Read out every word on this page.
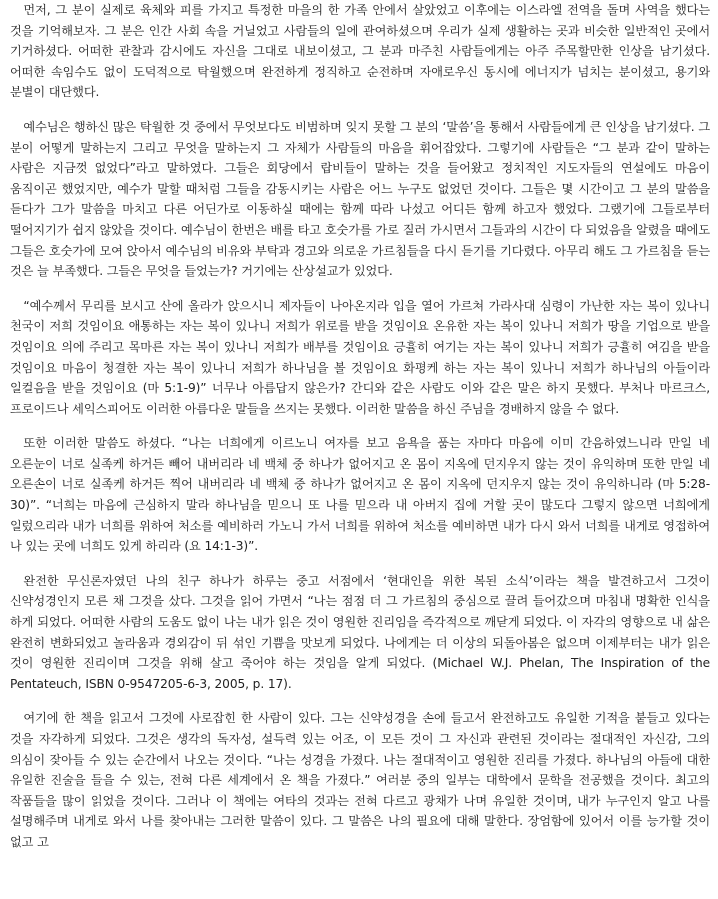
먼저, 그 분이 실제로 육체와 피를 가지고 특정한 마을의 한 가족 안에서 살았었고 이후에는 이스라엘 전역을 돌며 사역을 했다는 것을 기억해보자. 그 분은 인간 사회 속을 거닐었고 사람들의 일에 관여하셨으며 우리가 실제 생활하는 곳과 비슷한 일반적인 곳에서 기거하셨다. 어떠한 관찰과 감시에도 자신을 그대로 내보이셨고, 그 분과 마주친 사람들에게는 아주 주목할만한 인상을 남기셨다. 어떠한 속임수도 없이 도덕적으로 탁월했으며 완전하게 정직하고 순전하며 자애로우신 동시에 에너지가 넘치는 분이셨고, 용기와 분별이 대단했다.

예수님은 행하신 많은 탁월한 것 중에서 무엇보다도 비범하며 잊지 못할 그 분의 ‘말씀’을 통해서 사람들에게 큰 인상을 남기셨다. 그 분이 어떻게 말하는지 그리고 무엇을 말하는지 그 자체가 사람들의 마음을 휘어잡았다. 그렇기에 사람들은 “그 분과 같이 말하는 사람은 지금껏 없었다”라고 말하였다. 그들은 회당에서 랍비들이 말하는 것을 들어왔고 정치적인 지도자들의 연설에도 마음이 움직이곤 했었지만, 예수가 말할 때처럼 그들을 감동시키는 사람은 어느 누구도 없었던 것이다. 그들은 몇 시간이고 그 분의 말씀을 듣다가 그가 말씀을 마치고 다른 어딘가로 이동하실 때에는 함께 따라 나섰고 어디든 함께 하고자 했었다. 그랬기에 그들로부터 떨어지기가 쉽지 않았을 것이다. 예수님이 한번은 배를 타고 호숫가를 가로 질러 가시면서 그들과의 시간이 다 되었음을 알렸을 때에도 그들은 호숫가에 모여 앉아서 예수님의 비유와 부탁과 경고와 의로운 가르침들을 다시 듣기를 기다렸다. 아무리 해도 그 가르침을 듣는 것은 늘 부족했다. 그들은 무엇을 들었는가? 거기에는 산상설교가 있었다.

“예수께서 무리를 보시고 산에 올라가 앉으시니 제자들이 나아온지라 입을 열어 가르쳐 가라사대 심령이 가난한 자는 복이 있나니 천국이 저희 것임이요 애통하는 자는 복이 있나니 저희가 위로를 받을 것임이요 온유한 자는 복이 있나니 저희가 땅을 기업으로 받을 것임이요 의에 주리고 목마른 자는 복이 있나니 저희가 배부를 것임이요 긍휼히 여기는 자는 복이 있나니 저희가 긍휼히 여김을 받을 것임이요 마음이 청결한 자는 복이 있나니 저희가 하나님을 볼 것임이요 화평케 하는 자는 복이 있나니 저희가 하나님의 아들이라 일컬음을 받을 것임이요 (마 5:1-9)” 너무나 아름답지 않은가? 간디와 같은 사람도 이와 같은 말은 하지 못했다. 부처나 마르크스, 프로이드나 세익스피어도 이러한 아름다운 말들을 쓰지는 못했다. 이러한 말씀을 하신 주님을 경배하지 않을 수 없다.

또한 이러한 말씀도 하셨다. “나는 너희에게 이르노니 여자를 보고 음욕을 품는 자마다 마음에 이미 간음하였느니라 만일 네 오른눈이 너로 실족케 하거든 빼어 내버리라 네 백체 중 하나가 없어지고 온 몸이 지옥에 던지우지 않는 것이 유익하며 또한 만일 네 오른손이 너로 실족케 하거든 찍어 내버리라 네 백체 중 하나가 없어지고 온 몸이 지옥에 던지우지 않는 것이 유익하니라 (마 5:28-30)”. “너희는 마음에 근심하지 말라 하나님을 믿으니 또 나를 믿으라 내 아버지 집에 거할 곳이 많도다 그렇지 않으면 너희에게 일렀으리라 내가 너희를 위하여 처소를 예비하러 가노니 가서 너희를 위하여 처소를 예비하면 내가 다시 와서 너희를 내게로 영접하여 나 있는 곳에 너희도 있게 하리라 (요 14:1-3)”.

완전한 무신론자였던 나의 친구 하나가 하루는 중고 서점에서 ‘현대인을 위한 복된 소식’이라는 책을 발견하고서 그것이 신약성경인지 모른 채 그것을 샀다. 그것을 읽어 가면서 “나는 점점 더 그 가르침의 중심으로 끌려 들어갔으며 마침내 명확한 인식을 하게 되었다. 어떠한 사람의 도움도 없이 나는 내가 읽은 것이 영원한 진리임을 즉각적으로 깨닫게 되었다. 이 자각의 영향으로 내 삶은 완전히 변화되었고 놀라움과 경외감이 뒤 섞인 기쁨을 맛보게 되었다. 나에게는 더 이상의 되돌아봄은 없으며 이제부터는 내가 읽은 것이 영원한 진리이며 그것을 위해 살고 죽어야 하는 것임을 알게 되었다. (Michael W.J. Phelan, The Inspiration of the Pentateuch, ISBN 0-9547205-6-3, 2005, p. 17).

여기에 한 책을 읽고서 그것에 사로잡힌 한 사람이 있다. 그는 신약성경을 손에 들고서 완전하고도 유일한 기적을 붙들고 있다는 것을 자각하게 되었다. 그것은 생각의 독자성, 설득력 있는 어조, 이 모든 것이 그 자신과 관련된 것이라는 절대적인 자신감, 그의 의심이 잦아들 수 있는 순간에서 나오는 것이다. “나는 성경을 가졌다. 나는 절대적이고 영원한 진리를 가졌다. 하나님의 아들에 대한 유일한 진술을 들을 수 있는, 전혀 다른 세계에서 온 책을 가졌다.” 여러분 중의 일부는 대학에서 문학을 전공했을 것이다. 최고의 작품들을 많이 읽었을 것이다. 그러나 이 책에는 여타의 것과는 전혀 다르고 광채가 나며 유일한 것이며, 내가 누구인지 알고 나를 설명해주며 내게로 와서 나를 찾아내는 그러한 말씀이 있다. 그 말씀은 나의 필요에 대해 말한다. 장엄함에 있어서 이를 능가할 것이 없고 고
